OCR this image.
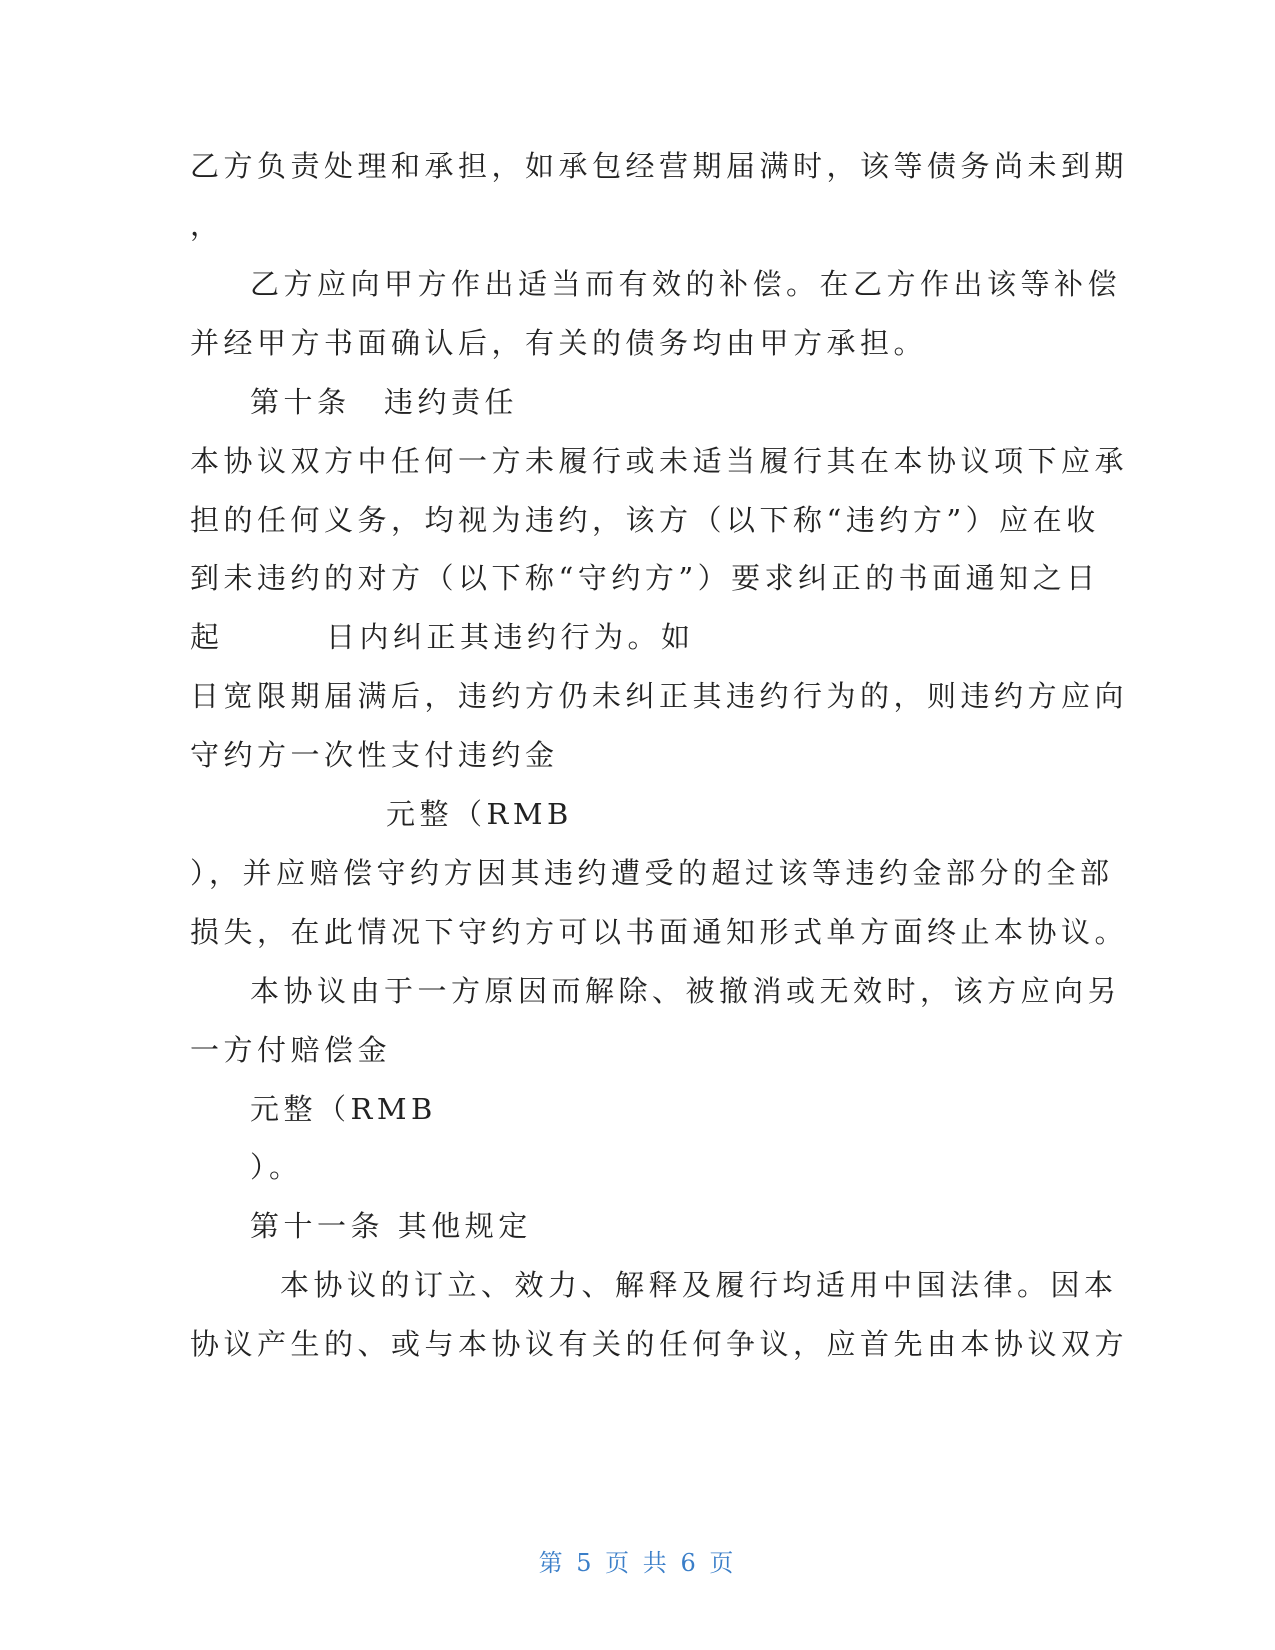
乙方负责处理和承担，如承包经营期届满时，该等债务尚未到期
，
乙方应向甲方作出适当而有效的补偿。在乙方作出该等补偿
并经甲方书面确认后，有关的债务均由甲方承担。
第十条　违约责任
本协议双方中任何一方未履行或未适当履行其在本协议项下应承
担的任何义务，均视为违约，该方（以下称“违约方”）应在收
到未违约的对方（以下称“守约方”）要求纠正的书面通知之日
起	日内纠正其违约行为。如
日宽限期届满后，违约方仍未纠正其违约行为的，则违约方应向
守约方一次性支付违约金
元整（RMB
），并应赔偿守约方因其违约遭受的超过该等违约金部分的全部
损失，在此情况下守约方可以书面通知形式单方面终止本协议。
本协议由于一方原因而解除、被撤消或无效时，该方应向另
一方付赔偿金
元整（RMB
）。
第十一条 其他规定
本协议的订立、效力、解释及履行均适用中国法律。因本
协议产生的、或与本协议有关的任何争议，应首先由本协议双方
第 5 页 共 6 页
